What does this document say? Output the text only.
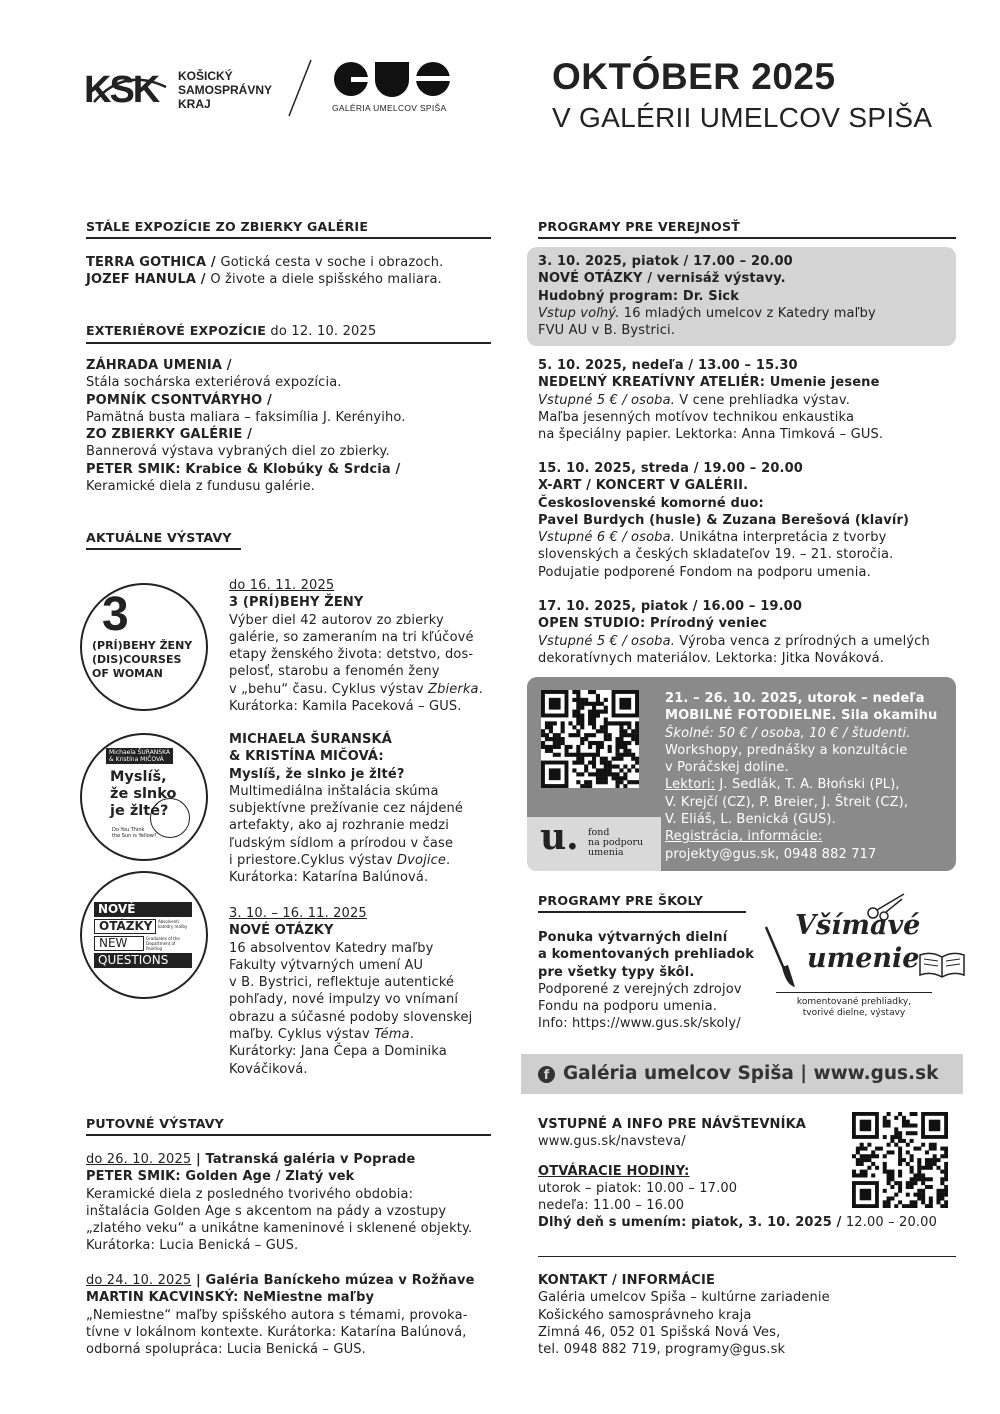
KSK KOŠICKÝ
SAMOSPRÁVNY
KRAJ	GALÉRIA UMELCOV SPIŠA
OKTÓBER 2025
V GALÉRII UMELCOV SPIŠA
STÁLE EXPOZÍCIE ZO ZBIERKY GALÉRIE
TERRA GOTHICA / Gotická cesta v soche i obrazoch.
JOZEF HANULA / O živote a diele spišského maliara.
EXTERIÉROVÉ EXPOZÍCIE do 12. 10. 2025
ZÁHRADA UMENIA /
Stála sochárska exteriérová expozícia.
POMNÍK CSONTVÁRYHO /
Pamätná busta maliara – faksimília J. Kerényiho.
ZO ZBIERKY GALÉRIE /
Bannerová výstava vybraných diel zo zbierky.
PETER SMIK: Krabice & Klobúky & Srdcia /
Keramické diela z fundusu galérie.
AKTUÁLNE VÝSTAVY
3
(PRÍ)BEHY ŽENY
(DIS)COURSES
OF WOMAN
do 16. 11. 2025
3 (PRÍ)BEHY ŽENY
Výber diel 42 autorov zo zbierky
galérie, so zameraním na tri kľúčové
etapy ženského života: detstvo, dos-
pelosť, starobu a fenomén ženy
v „behu“ času. Cyklus výstav Zbierka.
Kurátorka: Kamila Paceková – GUS.
Michaela ŠURANSKÁ
& Kristína MIČOVÁ
Myslíš,
že slnko
je žlté?
Do You Think
the Sun is Yellow?
MICHAELA ŠURANSKÁ
& KRISTÍNA MIČOVÁ:
Myslíš, že slnko je žlté?
Multimediálna inštalácia skúma
subjektívne prežívanie cez nájdené
artefakty, ako aj rozhranie medzi
ľudským sídlom a prírodou v čase
i priestore.Cyklus výstav Dvojice.
Kurátorka: Katarína Balúnová.
NOVÉ
OTÁZKY	Absolventi katedry maľby
NEW	Graduates of the Department of Painting
QUESTIONS
3. 10. – 16. 11. 2025
NOVÉ OTÁZKY
16 absolventov Katedry maľby
Fakulty výtvarných umení AU
v B. Bystrici, reflektuje autentické
pohľady, nové impulzy vo vnímaní
obrazu a súčasné podoby slovenskej
maľby. Cyklus výstav Téma.
Kurátorky: Jana Čepa a Dominika
Kováčiková.
PUTOVNÉ VÝSTAVY
do 26. 10. 2025 | Tatranská galéria v Poprade
PETER SMIK: Golden Age / Zlatý vek
Keramické diela z posledného tvorivého obdobia:
inštalácia Golden Age s akcentom na pády a vzostupy
„zlatého veku“ a unikátne kameninové i sklenené objekty.
Kurátorka: Lucia Benická – GUS.
do 24. 10. 2025 | Galéria Baníckeho múzea v Rožňave
MARTIN KACVINSKÝ: NeMiestne maľby
„Nemiestne“ maľby spišského autora s témami, provoka-
tívne v lokálnom kontexte. Kurátorka: Katarína Balúnová,
odborná spolupráca: Lucia Benická – GUS.
PROGRAMY PRE VEREJNOSŤ
3. 10. 2025, piatok / 17.00 – 20.00
NOVÉ OTÁZKY / vernisáž výstavy.
Hudobný program: Dr. Sick
Vstup voľný. 16 mladých umelcov z Katedry maľby
FVU AU v B. Bystrici.
5. 10. 2025, nedeľa / 13.00 – 15.30
NEDEĽNÝ KREATÍVNY ATELIÉR: Umenie jesene
Vstupné 5 € / osoba. V cene prehliadka výstav.
Maľba jesenných motívov technikou enkaustika
na špeciálny papier. Lektorka: Anna Timková – GUS.
15. 10. 2025, streda / 19.00 – 20.00
X-ART / KONCERT V GALÉRII.
Československé komorné duo:
Pavel Burdych (husle) & Zuzana Berešová (klavír)
Vstupné 6 € / osoba. Unikátna interpretácia z tvorby
slovenských a českých skladateľov 19. – 21. storočia.
Podujatie podporené Fondom na podporu umenia.
17. 10. 2025, piatok / 16.00 – 19.00
OPEN STUDIO: Prírodný veniec
Vstupné 5 € / osoba. Výroba venca z prírodných a umelých
dekoratívnych materiálov. Lektorka: Jitka Nováková.
u. fond
na podporu
umenia
21. – 26. 10. 2025, utorok – nedeľa
MOBILNÉ FOTODIELNE. Sila okamihu
Školné: 50 € / osoba, 10 € / študenti.
Workshopy, prednášky a konzultácie
v Poráčskej doline.
Lektori: J. Sedlák, T. A. Błoński (PL),
V. Krejčí (CZ), P. Breier, J. Štreit (CZ),
V. Eliáš, L. Benická (GUS).
Registrácia, informácie:
projekty@gus.sk, 0948 882 717
PROGRAMY PRE ŠKOLY
Ponuka výtvarných dielní
a komentovaných prehliadok
pre všetky typy škôl.
Podporené z verejných zdrojov
Fondu na podporu umenia.
Info: https://www.gus.sk/skoly/
Všímavé
umenie
komentované prehliadky,
tvorivé dielne, výstavy
f Galéria umelcov Spiša | www.gus.sk
VSTUPNÉ A INFO PRE NÁVŠTEVNÍKA
www.gus.sk/navsteva/
OTVÁRACIE HODINY:
utorok – piatok: 10.00 – 17.00
nedeľa: 11.00 – 16.00
Dlhý deň s umením: piatok, 3. 10. 2025 / 12.00 – 20.00
KONTAKT / INFORMÁCIE
Galéria umelcov Spiša – kultúrne zariadenie
Košického samosprávneho kraja
Zimná 46, 052 01 Spišská Nová Ves,
tel. 0948 882 719, programy@gus.sk
